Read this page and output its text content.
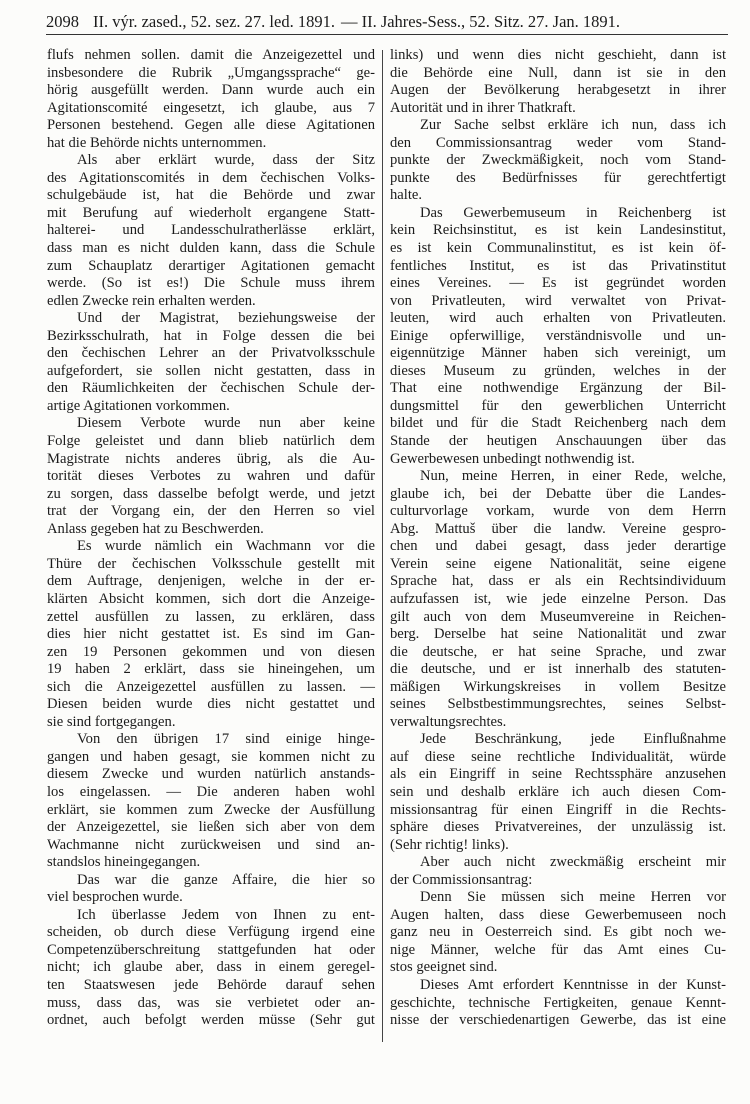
2098 II. výr. zased., 52. sez. 27. led. 1891. — II. Jahres-Sess., 52. Sitz. 27. Jan. 1891.
flufs nehmen sollen. damit die Anzeigezettel und
insbesondere die Rubrik „Umgangssprache“ ge-
hörig ausgefüllt werden. Dann wurde auch ein
Agitationscomité eingesetzt, ich glaube, aus 7
Personen bestehend. Gegen alle diese Agitationen
hat die Behörde nichts unternommen.
Als aber erklärt wurde, dass der Sitz
des Agitationscomités in dem čechischen Volks-
schulgebäude ist, hat die Behörde und zwar
mit Berufung auf wiederholt ergangene Statt-
halterei- und Landesschulratherlässe erklärt,
dass man es nicht dulden kann, dass die Schule
zum Schauplatz derartiger Agitationen gemacht
werde. (So ist es!) Die Schule muss ihrem
edlen Zwecke rein erhalten werden.
Und der Magistrat, beziehungsweise der
Bezirksschulrath, hat in Folge dessen die bei
den čechischen Lehrer an der Privatvolksschule
aufgefordert, sie sollen nicht gestatten, dass in
den Räumlichkeiten der čechischen Schule der-
artige Agitationen vorkommen.
Diesem Verbote wurde nun aber keine
Folge geleistet und dann blieb natürlich dem
Magistrate nichts anderes übrig, als die Au-
torität dieses Verbotes zu wahren und dafür
zu sorgen, dass dasselbe befolgt werde, und jetzt
trat der Vorgang ein, der den Herren so viel
Anlass gegeben hat zu Beschwerden.
Es wurde nämlich ein Wachmann vor die
Thüre der čechischen Volksschule gestellt mit
dem Auftrage, denjenigen, welche in der er-
klärten Absicht kommen, sich dort die Anzeige-
zettel ausfüllen zu lassen, zu erklären, dass
dies hier nicht gestattet ist. Es sind im Gan-
zen 19 Personen gekommen und von diesen
19 haben 2 erklärt, dass sie hineingehen, um
sich die Anzeigezettel ausfüllen zu lassen. —
Diesen beiden wurde dies nicht gestattet und
sie sind fortgegangen.
Von den übrigen 17 sind einige hinge-
gangen und haben gesagt, sie kommen nicht zu
diesem Zwecke und wurden natürlich anstands-
los eingelassen. — Die anderen haben wohl
erklärt, sie kommen zum Zwecke der Ausfüllung
der Anzeigezettel, sie ließen sich aber von dem
Wachmanne nicht zurückweisen und sind an-
standslos hineingegangen.
Das war die ganze Affaire, die hier so
viel besprochen wurde.
Ich überlasse Jedem von Ihnen zu ent-
scheiden, ob durch diese Verfügung irgend eine
Competenzüberschreitung stattgefunden hat oder
nicht; ich glaube aber, dass in einem geregel-
ten Staatswesen jede Behörde darauf sehen
muss, dass das, was sie verbietet oder an-
ordnet, auch befolgt werden müsse (Sehr gut
links) und wenn dies nicht geschieht, dann ist
die Behörde eine Null, dann ist sie in den
Augen der Bevölkerung herabgesetzt in ihrer
Autorität und in ihrer Thatkraft.
Zur Sache selbst erkläre ich nun, dass ich
den Commissionsantrag weder vom Stand-
punkte der Zweckmäßigkeit, noch vom Stand-
punkte des Bedürfnisses für gerechtfertigt
halte.
Das Gewerbemuseum in Reichenberg ist
kein Reichsinstitut, es ist kein Landesinstitut,
es ist kein Communalinstitut, es ist kein öf-
fentliches Institut, es ist das Privatinstitut
eines Vereines. — Es ist gegründet worden
von Privatleuten, wird verwaltet von Privat-
leuten, wird auch erhalten von Privatleuten.
Einige opferwillige, verständnisvolle und un-
eigennützige Männer haben sich vereinigt, um
dieses Museum zu gründen, welches in der
That eine nothwendige Ergänzung der Bil-
dungsmittel für den gewerblichen Unterricht
bildet und für die Stadt Reichenberg nach dem
Stande der heutigen Anschauungen über das
Gewerbewesen unbedingt nothwendig ist.
Nun, meine Herren, in einer Rede, welche,
glaube ich, bei der Debatte über die Landes-
culturvorlage vorkam, wurde von dem Herrn
Abg. Mattuš über die landw. Vereine gespro-
chen und dabei gesagt, dass jeder derartige
Verein seine eigene Nationalität, seine eigene
Sprache hat, dass er als ein Rechtsindividuum
aufzufassen ist, wie jede einzelne Person. Das
gilt auch von dem Museumvereine in Reichen-
berg. Derselbe hat seine Nationalität und zwar
die deutsche, er hat seine Sprache, und zwar
die deutsche, und er ist innerhalb des statuten-
mäßigen Wirkungskreises in vollem Besitze
seines Selbstbestimmungsrechtes, seines Selbst-
verwaltungsrechtes.
Jede Beschränkung, jede Einflußnahme
auf diese seine rechtliche Individualität, würde
als ein Eingriff in seine Rechtssphäre anzusehen
sein und deshalb erkläre ich auch diesen Com-
missionsantrag für einen Eingriff in die Rechts-
sphäre dieses Privatvereines, der unzulässig ist.
(Sehr richtig! links).
Aber auch nicht zweckmäßig erscheint mir
der Commissionsantrag:
Denn Sie müssen sich meine Herren vor
Augen halten, dass diese Gewerbemuseen noch
ganz neu in Oesterreich sind. Es gibt noch we-
nige Männer, welche für das Amt eines Cu-
stos geeignet sind.
Dieses Amt erfordert Kenntnisse in der Kunst-
geschichte, technische Fertigkeiten, genaue Kennt-
nisse der verschiedenartigen Gewerbe, das ist eine
